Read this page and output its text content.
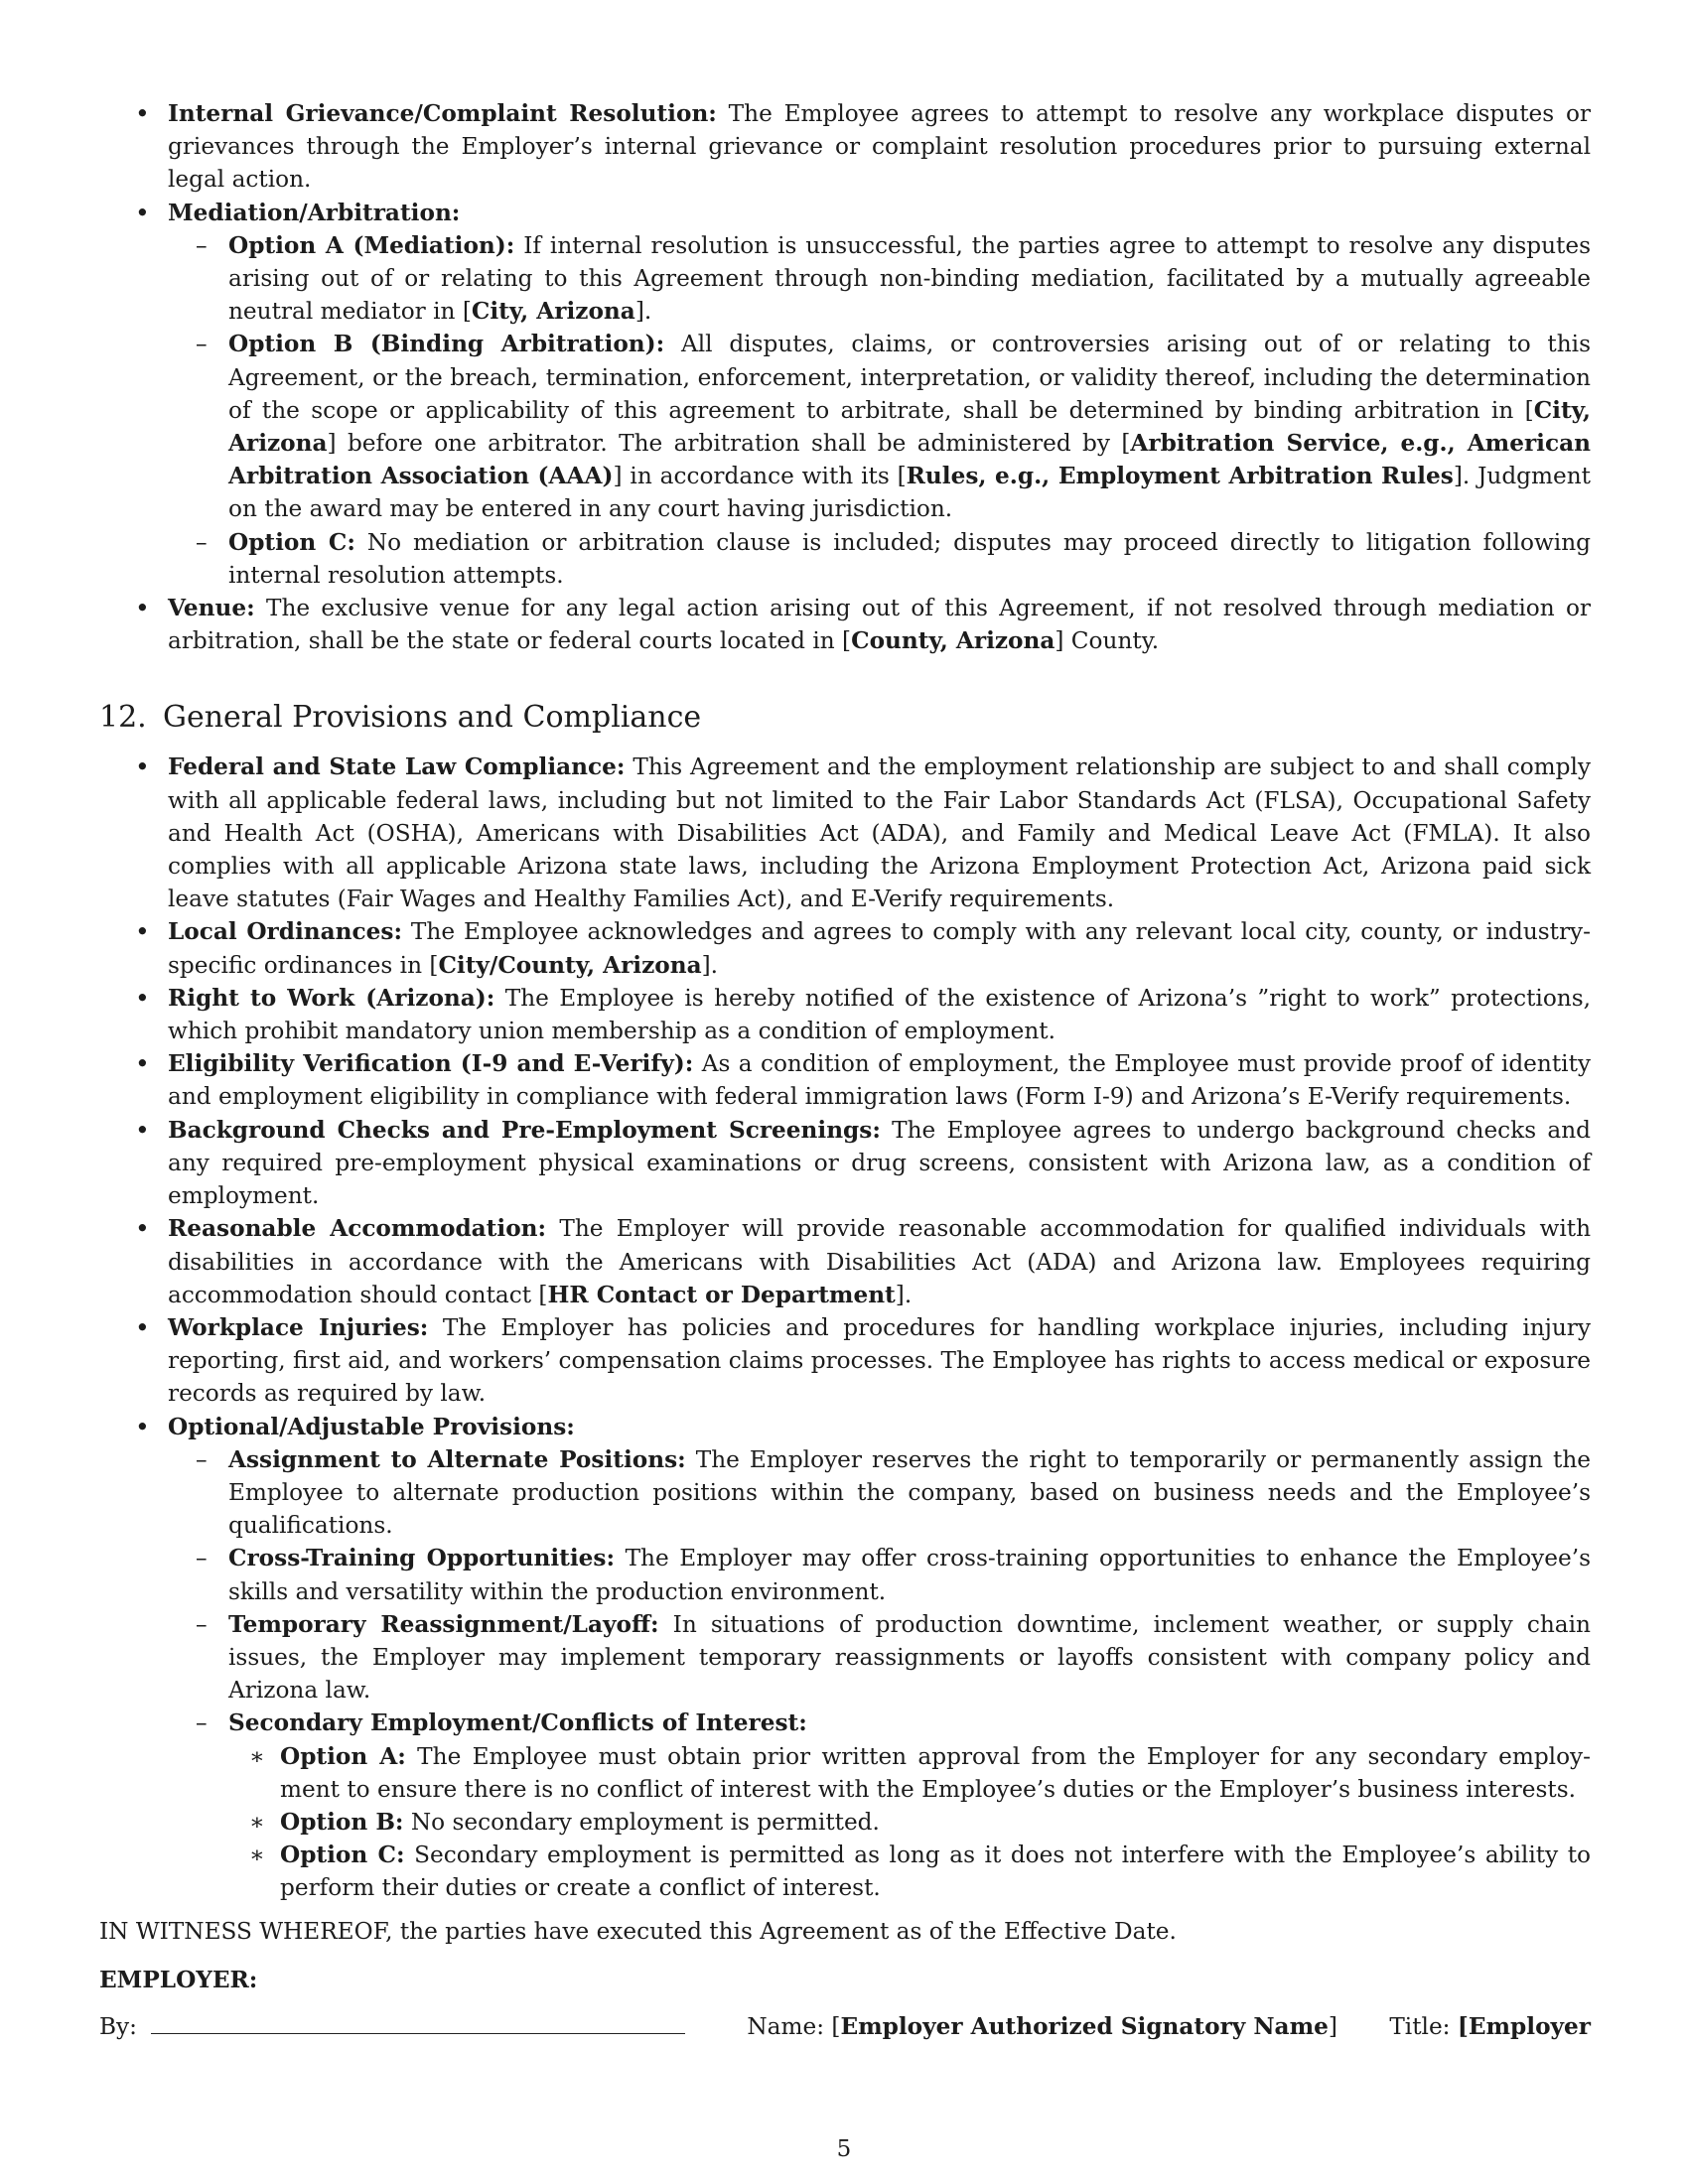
• Internal Grievance/Complaint Resolution: The Employee agrees to attempt to resolve any workplace disputes or grievances through the Employer’s internal grievance or complaint resolution procedures prior to pursuing external legal action.
• Mediation/Arbitration:
– Option A (Mediation): If internal resolution is unsuccessful, the parties agree to attempt to resolve any disputes arising out of or relating to this Agreement through non-binding mediation, facilitated by a mutually agreeable neutral mediator in [City, Arizona].
– Option B (Binding Arbitration): All disputes, claims, or controversies arising out of or relating to this Agreement, or the breach, termination, enforcement, interpretation, or validity thereof, including the determination of the scope or applicability of this agreement to arbitrate, shall be determined by binding arbitration in [City, Arizona] before one arbitrator. The arbitration shall be administered by [Arbitration Service, e.g., American Arbitration Association (AAA)] in accordance with its [Rules, e.g., Employment Arbitration Rules]. Judgment on the award may be entered in any court having jurisdiction.
– Option C: No mediation or arbitration clause is included; disputes may proceed directly to litigation following internal resolution attempts.
• Venue: The exclusive venue for any legal action arising out of this Agreement, if not resolved through mediation or arbitration, shall be the state or federal courts located in [County, Arizona] County.
12. General Provisions and Compliance
• Federal and State Law Compliance: This Agreement and the employment relationship are subject to and shall comply with all applicable federal laws, including but not limited to the Fair Labor Standards Act (FLSA), Occupational Safety and Health Act (OSHA), Americans with Disabilities Act (ADA), and Family and Medical Leave Act (FMLA). It also complies with all applicable Arizona state laws, including the Arizona Employment Protection Act, Arizona paid sick leave statutes (Fair Wages and Healthy Families Act), and E-Verify requirements.
• Local Ordinances: The Employee acknowledges and agrees to comply with any relevant local city, county, or industry-specific ordinances in [City/County, Arizona].
• Right to Work (Arizona): The Employee is hereby notified of the existence of Arizona’s ”right to work” protections, which prohibit mandatory union membership as a condition of employment.
• Eligibility Verification (I-9 and E-Verify): As a condition of employment, the Employee must provide proof of identity and employment eligibility in compliance with federal immigration laws (Form I-9) and Arizona’s E-Verify requirements.
• Background Checks and Pre-Employment Screenings: The Employee agrees to undergo background checks and any required pre-employment physical examinations or drug screens, consistent with Arizona law, as a condition of employment.
• Reasonable Accommodation: The Employer will provide reasonable accommodation for qualified individuals with disabilities in accordance with the Americans with Disabilities Act (ADA) and Arizona law. Employees requiring accommodation should contact [HR Contact or Department].
• Workplace Injuries: The Employer has policies and procedures for handling workplace injuries, including injury reporting, first aid, and workers’ compensation claims processes. The Employee has rights to access medical or exposure records as required by law.
• Optional/Adjustable Provisions:
– Assignment to Alternate Positions: The Employer reserves the right to temporarily or permanently assign the Employee to alternate production positions within the company, based on business needs and the Employee’s qualifications.
– Cross-Training Opportunities: The Employer may offer cross-training opportunities to enhance the Employee’s skills and versatility within the production environment.
– Temporary Reassignment/Layoff: In situations of production downtime, inclement weather, or supply chain issues, the Employer may implement temporary reassignments or layoffs consistent with company policy and Arizona law.
– Secondary Employment/Conflicts of Interest:
∗ Option A: The Employee must obtain prior written approval from the Employer for any secondary employ-ment to ensure there is no conflict of interest with the Employee’s duties or the Employer’s business interests.
∗ Option B: No secondary employment is permitted.
∗ Option C: Secondary employment is permitted as long as it does not interfere with the Employee’s ability to perform their duties or create a conflict of interest.
IN WITNESS WHEREOF, the parties have executed this Agreement as of the Effective Date.
EMPLOYER:
By:	Name: [Employer Authorized Signatory Name] Title: [Employer
5
